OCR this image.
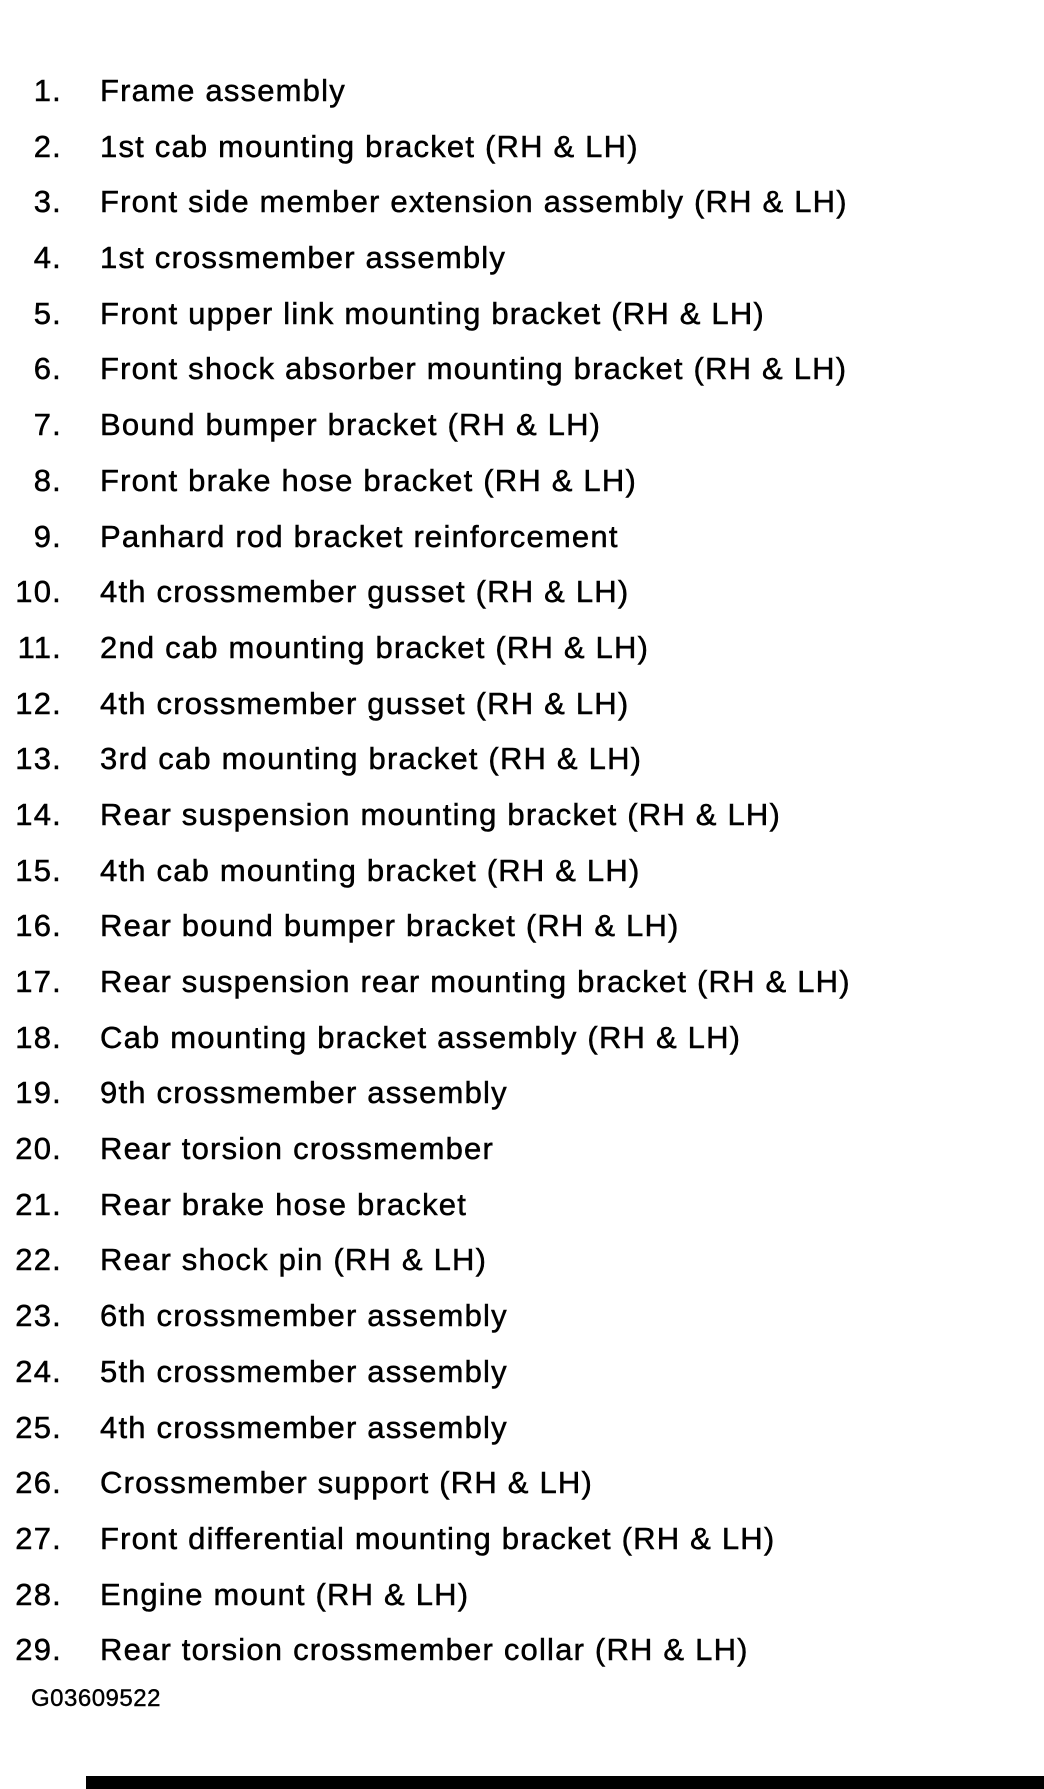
1. Frame assembly
2. 1st cab mounting bracket (RH & LH)
3. Front side member extension assembly (RH & LH)
4. 1st crossmember assembly
5. Front upper link mounting bracket (RH & LH)
6. Front shock absorber mounting bracket (RH & LH)
7. Bound bumper bracket (RH & LH)
8. Front brake hose bracket (RH & LH)
9. Panhard rod bracket reinforcement
10. 4th crossmember gusset (RH & LH)
11. 2nd cab mounting bracket (RH & LH)
12. 4th crossmember gusset (RH & LH)
13. 3rd cab mounting bracket (RH & LH)
14. Rear suspension mounting bracket (RH & LH)
15. 4th cab mounting bracket (RH & LH)
16. Rear bound bumper bracket (RH & LH)
17. Rear suspension rear mounting bracket (RH & LH)
18. Cab mounting bracket assembly (RH & LH)
19. 9th crossmember assembly
20. Rear torsion crossmember
21. Rear brake hose bracket
22. Rear shock pin (RH & LH)
23. 6th crossmember assembly
24. 5th crossmember assembly
25. 4th crossmember assembly
26. Crossmember support (RH & LH)
27. Front differential mounting bracket (RH & LH)
28. Engine mount (RH & LH)
29. Rear torsion crossmember collar (RH & LH)
G03609522
